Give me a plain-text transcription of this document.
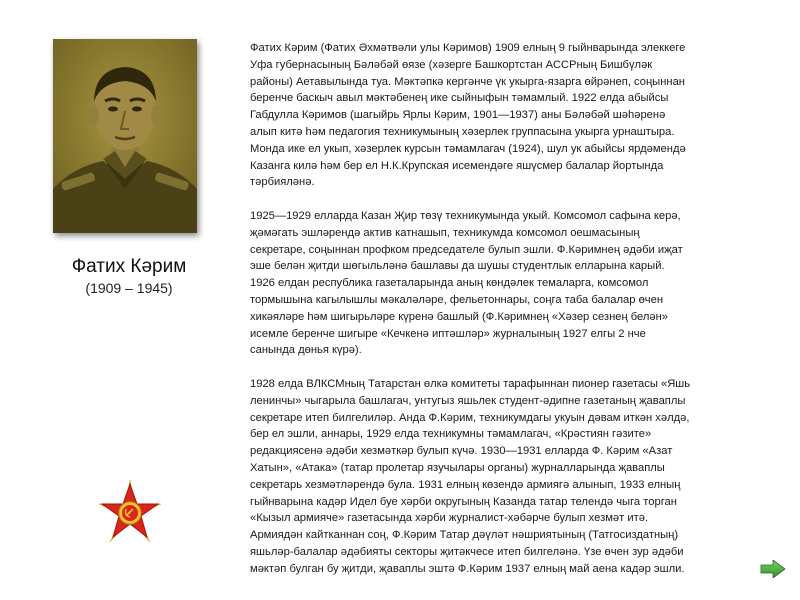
Фатих Кәрим
(1909 – 1945)
Фатих Кәрим (Фатих Әхмәтвәли улы Кәримов) 1909 елның 9 гыйнварында элеккеге
Уфа губернасының Бәләбәй өязе (хәзерге Башкортстан АССРның Бишбүләк
районы) Аетавылында туа. Мәктәпкә кергәнче үк укырга-язарга өйрәнеп, соңыннан
беренче баскыч авыл мәктәбенең ике сыйныфын тәмамлый. 1922 елда абыйсы
Габдулла Кәримов (шагыйрь Ярлы Кәрим, 1901—1937) аны Бәләбәй шәһәренә
алып китә һәм педагогия техникумының хәзерлек группасына укырга урнаштыра.
Монда ике ел укып, хәзерлек курсын тәмамлагач (1924), шул ук абыйсы ярдәмендә
Казанга килә һәм бер ел Н.К.Крупская исемендәге яшүсмер балалар йортында
тәрбияләнә.
1925—1929 елларда Казан Җир төзү техникумында укый. Комсомол сафына керә,
җәмәгать эшләрендә актив катнашып, техникумда комсомол оешмасының
секретаре, соңыннан профком председателе булып эшли. Ф.Кәримнең әдәби иҗат
эше белән җитди шөгыльләнә башлавы да шушы студентлык елларына карый.
1926 елдан республика газеталарында аның көндәлек темаларга, комсомол
тормышына кагылышлы мәкаләләре, фельетоннары, соңга таба балалар өчен
хикәяләре һәм шигырьләре күренә башлый (Ф.Кәримнең «Хәзер сезнең белән»
исемле беренче шигыре «Кечкенә иптәшләр» журналының 1927 елгы 2 нче
санында дөнья күрә).
1928 елда ВЛКСМның Татарстан өлкә комитеты тарафыннан пионер газетасы «Яшь
ленинчы» чыгарыла башлагач, унтугыз яшьлек студент-әдипне газетаның җаваплы
секретаре итеп билгелиләр. Анда Ф.Кәрим, техникумдагы укуын дәвам иткән хәлдә,
бер ел эшли, аннары, 1929 елда техникумны тәмамлагач, «Крәстиян гәзите»
редакциясенә әдәби хезмәткәр булып күчә. 1930—1931 елларда Ф. Кәрим «Азат
Хатын», «Атака» (татар пролетар язучылары органы) журналларында җаваплы
секретарь хезмәтләрендә була. 1931 елның көзендә армиягә алынып, 1933 елның
гыйнварына кадәр Идел буе хәрби округының Казанда татар телендә чыга торган
«Кызыл армиячe» газетасында хәрби журналист-хәбәрче булып хезмәт итә.
Армиядән кайтканнан соң, Ф.Кәрим Татар дәүләт нәшриятының (Татгосиздатның)
яшьләр-балалар әдәбияты секторы җитәкчесе итеп билгеләнә. Үзе өчен зур әдәби
мәктәп булган бу җитди, җаваплы эштә Ф.Кәрим 1937 елның май аена кадәр эшли.
